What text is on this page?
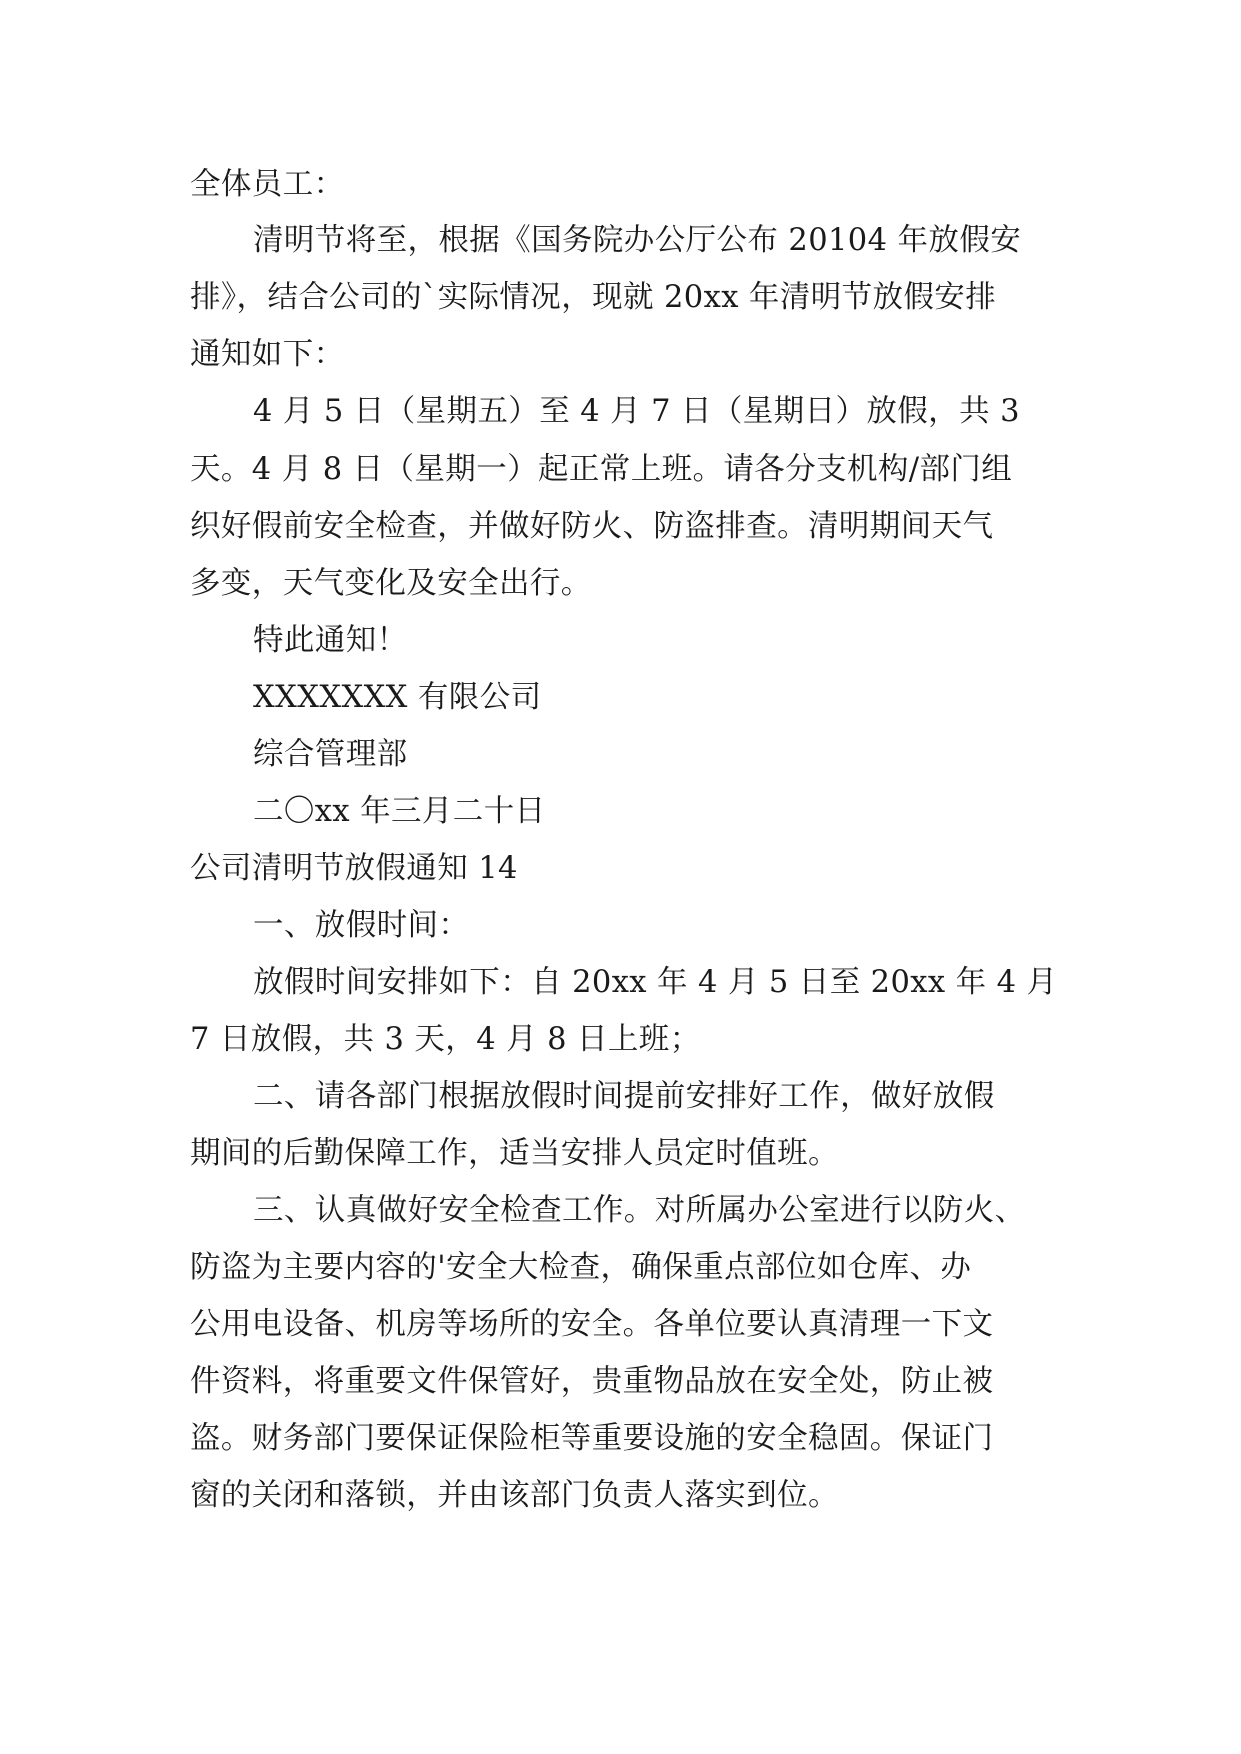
全体员工：
清明节将至，根据《国务院办公厅公布 20104 年放假安
排》，结合公司的`实际情况，现就 20xx 年清明节放假安排
通知如下：
4 月 5 日（星期五）至 4 月 7 日（星期日）放假，共 3
天。4 月 8 日（星期一）起正常上班。请各分支机构/部门组
织好假前安全检查，并做好防火、防盗排查。清明期间天气
多变，天气变化及安全出行。
特此通知！
XXXXXXX 有限公司
综合管理部
二〇xx 年三月二十日
公司清明节放假通知 14
一、放假时间：
放假时间安排如下：自 20xx 年 4 月 5 日至 20xx 年 4 月
7 日放假，共 3 天，4 月 8 日上班；
二、请各部门根据放假时间提前安排好工作，做好放假
期间的后勤保障工作，适当安排人员定时值班。
三、认真做好安全检查工作。对所属办公室进行以防火、
防盗为主要内容的'安全大检查，确保重点部位如仓库、办
公用电设备、机房等场所的安全。各单位要认真清理一下文
件资料，将重要文件保管好，贵重物品放在安全处，防止被
盗。财务部门要保证保险柜等重要设施的安全稳固。保证门
窗的关闭和落锁，并由该部门负责人落实到位。
